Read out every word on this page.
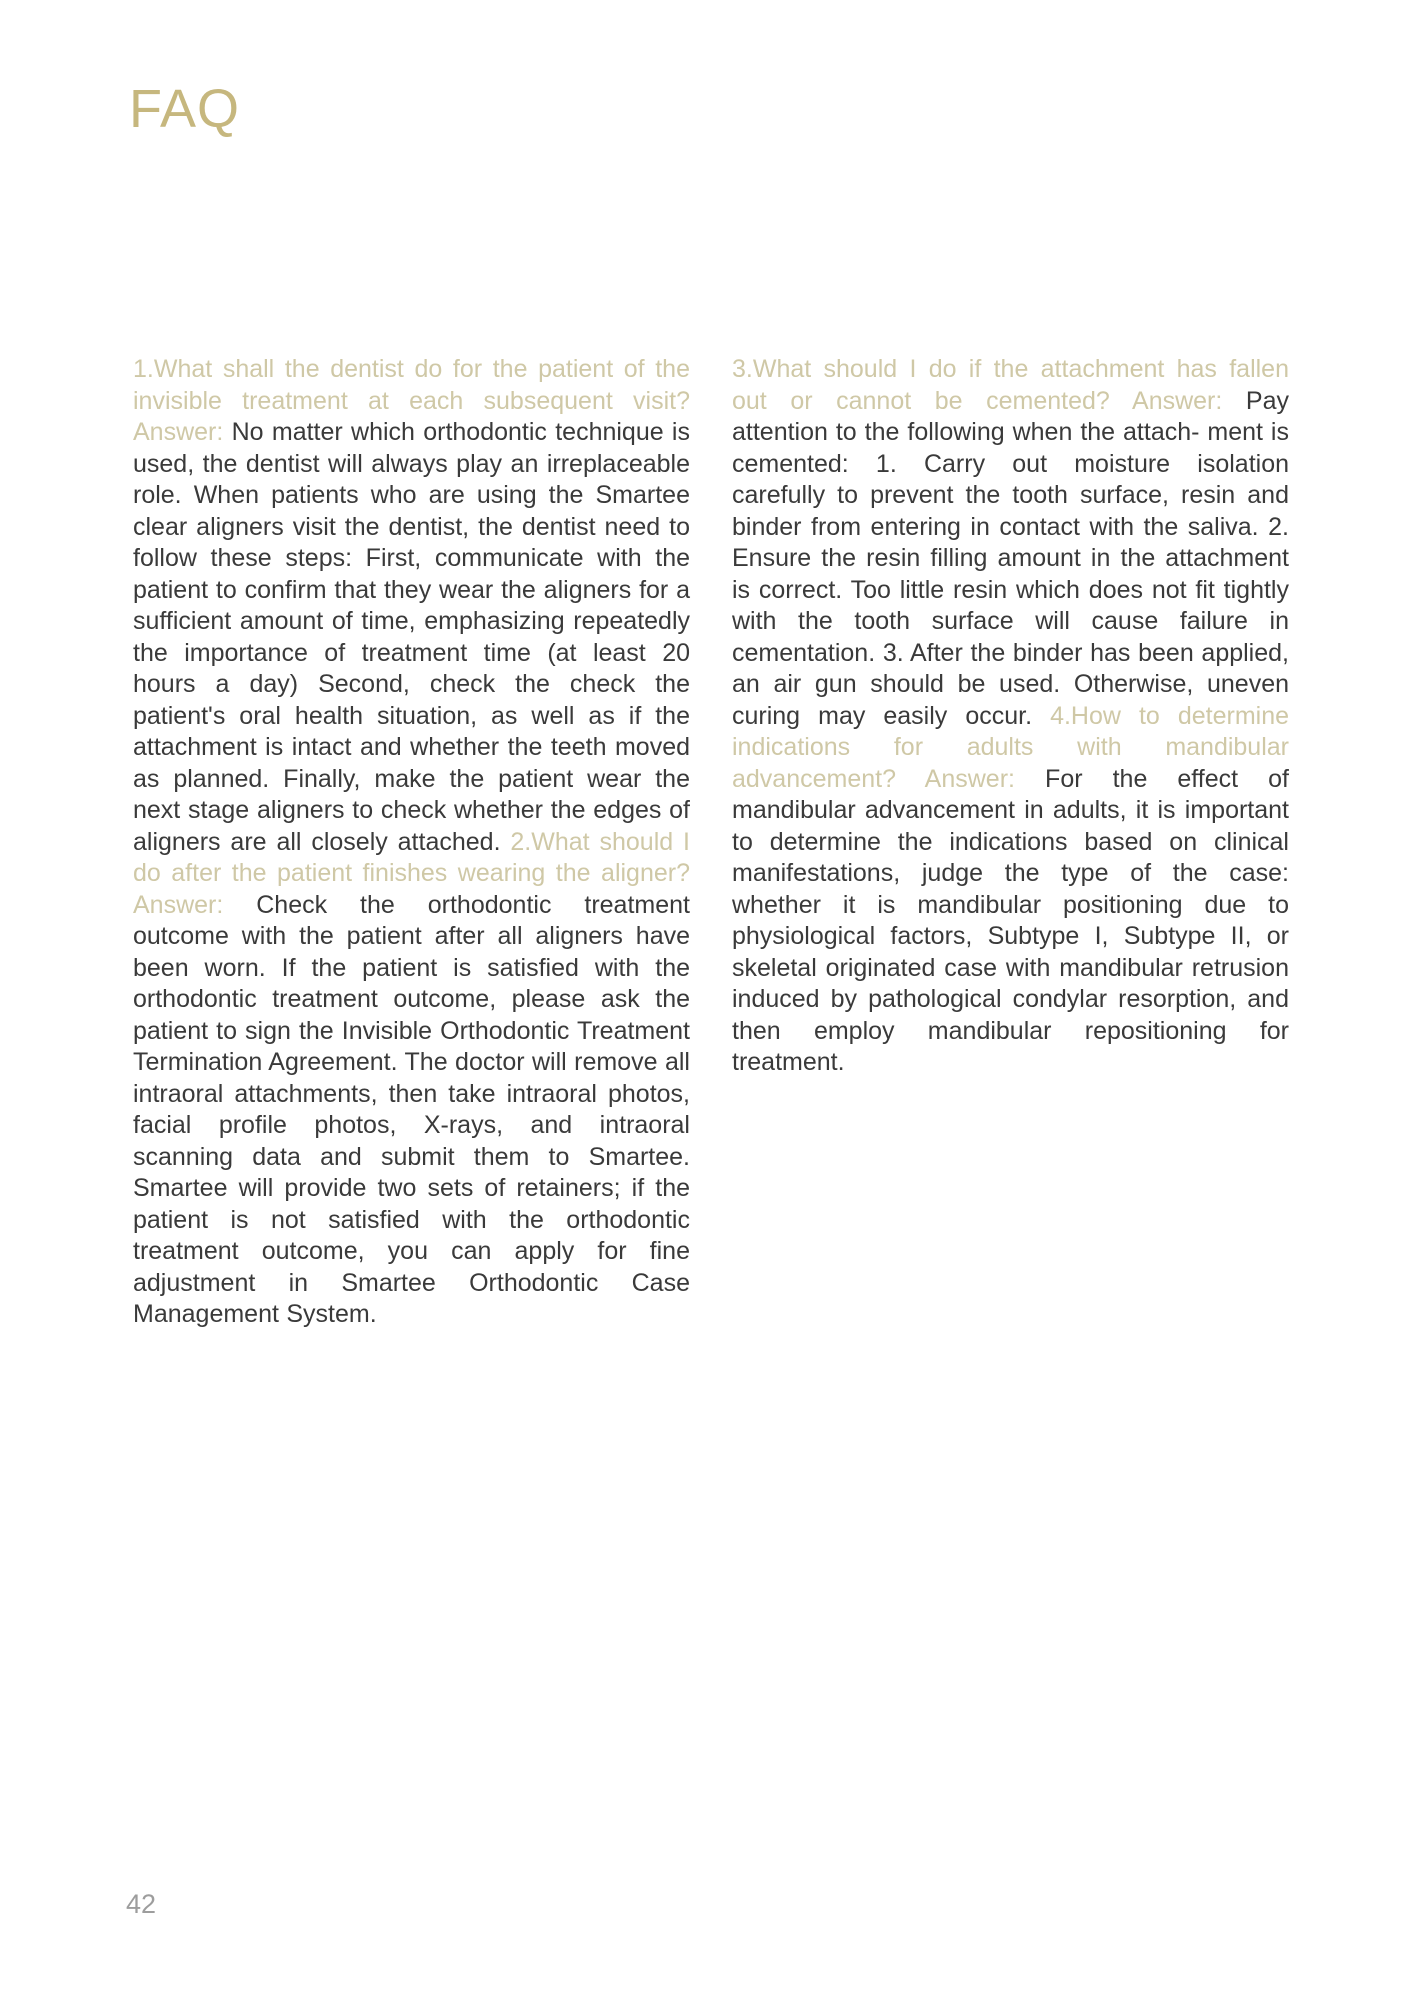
FAQ

1.What shall the dentist do for the patient of the invisible treatment at each subsequent visit? Answer: No matter which orthodontic technique is used, the dentist will always play an irreplaceable role. When patients who are using the Smartee clear aligners visit the dentist, the dentist need to follow these steps: First, communicate with the patient to confirm that they wear the aligners for a sufficient amount of time, emphasizing repeatedly the importance of treatment time (at least 20 hours a day) Second, check the check the patient's oral health situation, as well as if the attachment is intact and whether the teeth moved as planned. Finally, make the patient wear the next stage aligners to check whether the edges of aligners are all closely attached. 2.What should I do after the patient finishes wearing the aligner? Answer: Check the orthodontic treatment outcome with the patient after all aligners have been worn. If the patient is satisfied with the orthodontic treatment outcome, please ask the patient to sign the Invisible Orthodontic Treatment Termination Agreement. The doctor will remove all intraoral attachments, then take intraoral photos, facial profile photos, X-rays, and intraoral scanning data and submit them to Smartee. Smartee will provide two sets of retainers; if the patient is not satisfied with the orthodontic treatment outcome, you can apply for fine adjustment in Smartee Orthodontic Case Management System.

3.What should I do if the attachment has fallen out or cannot be cemented? Answer: Pay attention to the following when the attach- ment is cemented: 1. Carry out moisture isolation carefully to prevent the tooth surface, resin and binder from entering in contact with the saliva. 2. Ensure the resin filling amount in the attachment is correct. Too little resin which does not fit tightly with the tooth surface will cause failure in cementation. 3. After the binder has been applied, an air gun should be used. Otherwise, uneven curing may easily occur. 4.How to determine indications for adults with mandibular advancement? Answer: For the effect of mandibular advancement in adults, it is important to determine the indications based on clinical manifestations, judge the type of the case: whether it is mandibular positioning due to physiological factors, Subtype I, Subtype II, or skeletal originated case with mandibular retrusion induced by pathological condylar resorption, and then employ mandibular repositioning for treatment.

42
